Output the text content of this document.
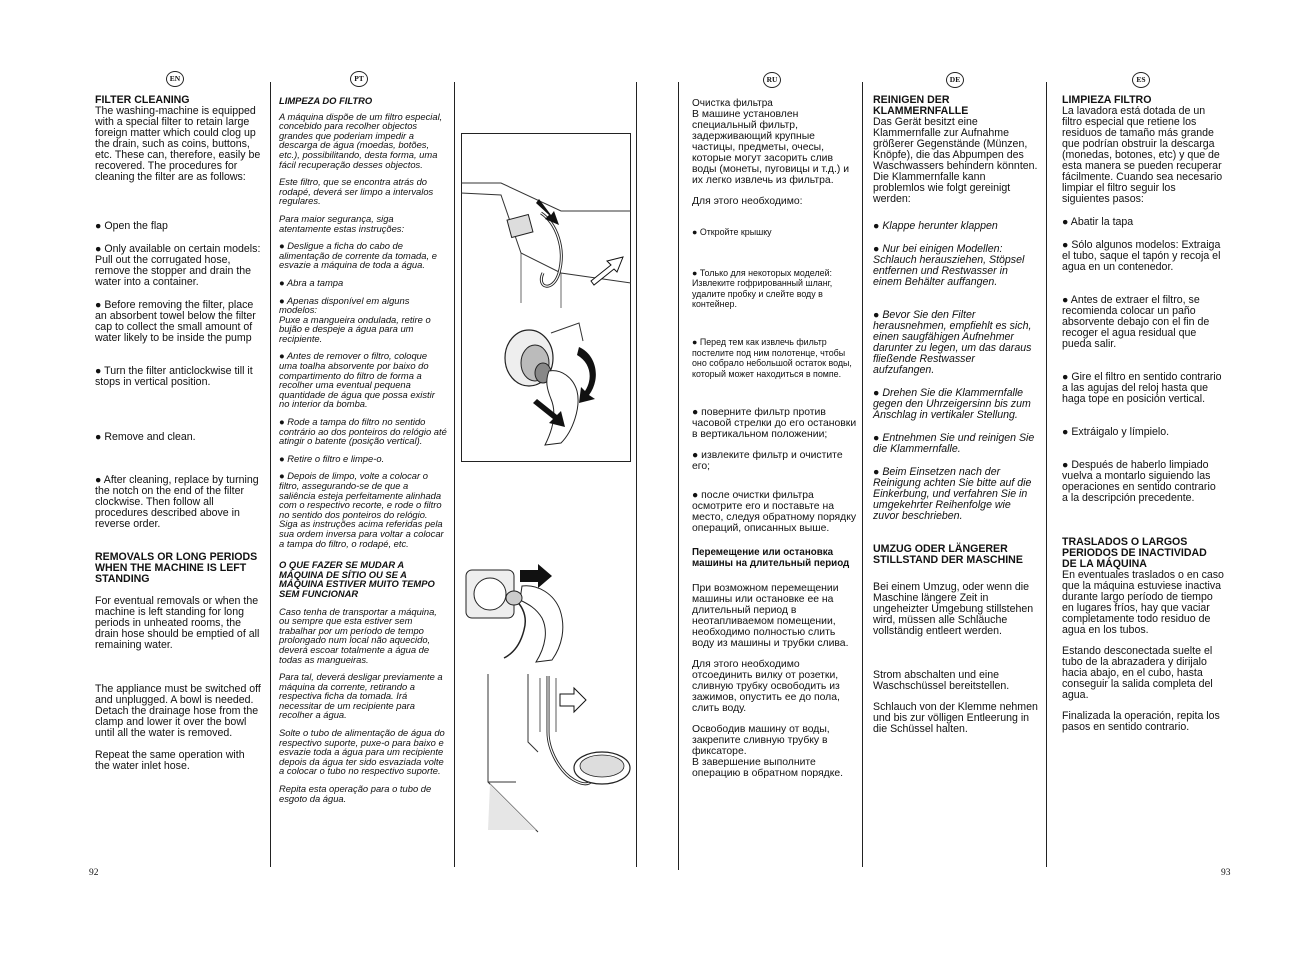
EN	PT	RU	DE	ES

FILTER CLEANING

The washing-machine is equipped with a special filter to retain large foreign matter which could clog up the drain, such as coins, buttons, etc. These can, therefore, easily be recovered. The procedures for cleaning the filter are as follows:

● Open the flap

● Only available on certain models:
Pull out the corrugated hose, remove the stopper and drain the water into a container.
● Before removing the filter, place an absorbent towel below the filter
cap to collect the small amount of water likely to be inside the pump

● Turn the filter anticlockwise till it stops in vertical position.

● Remove and clean.

● After cleaning, replace by turning the notch on the end of the filter clockwise. Then follow all procedures described above in reverse order.

REMOVALS OR LONG PERIODS WHEN THE MACHINE IS LEFT STANDING

For eventual removals or when the machine is left standing for long periods in unheated rooms, the drain hose should be emptied of all remaining water.

The appliance must be switched off and unplugged. A bowl is needed. Detach the drainage hose from the clamp and lower it over the bowl until all the water is removed.

Repeat the same operation with the water inlet hose.

LIMPEZA DO FILTRO

A máquina dispõe de um filtro especial, concebido para recolher objectos grandes que poderiam impedir a descarga de água (moedas, botões, etc.), possibilitando, desta forma, uma fácil recuperação desses objectos.

Este filtro, que se encontra atrás do rodapé, deverá ser limpo a intervalos regulares.

Para maior segurança, siga atentamente estas instruções:

● Desligue a ficha do cabo de alimentação de corrente da tomada, e esvazie a máquina de toda a água.

● Abra a tampa

● Apenas disponível em alguns modelos:
Puxe a mangueira ondulada, retire o bujão e despeje a água para um recipiente.

● Antes de remover o filtro, coloque uma toalha absorvente por baixo do compartimento do filtro de forma a recolher uma eventual pequena quantidade de água que possa existir no interior da bomba.

● Rode a tampa do filtro no sentido contrário ao dos ponteiros do relógio até atingir o batente (posição vertical).

● Retire o filtro e limpe-o.

● Depois de limpo, volte a colocar o filtro, assegurando-se de que a saliência esteja perfeitamente alinhada com o respectivo recorte, e rode o filtro no sentido dos ponteiros do relógio. Siga as instruções acima referidas pela sua ordem inversa para voltar a colocar a tampa do filtro, o rodapé, etc.

O QUE FAZER SE MUDAR A MÁQUINA DE SÍTIO OU SE A MÁQUINA ESTIVER MUITO TEMPO SEM FUNCIONAR

Caso tenha de transportar a máquina, ou sempre que esta estiver sem trabalhar por um período de tempo prolongado num local não aquecido, deverá escoar totalmente a água de todas as mangueiras.

Para tal, deverá desligar previamente a máquina da corrente, retirando a respectiva ficha da tomada. Irá necessitar de um recipiente para recolher a água.

Solte o tubo de alimentação de água do respectivo suporte, puxe-o para baixo e esvazie toda a água para um recipiente depois da água ter sido esvaziada volte a colocar o tubo no respectivo suporte.

Repita esta operação para o tubo de esgoto da água.

Очистка фильтра

В машине установлен специальный фильтр, задерживающий крупные частицы, предметы, очесы, которые могут засорить слив воды (монеты, пуговицы и т.д.) и их легко извлечь из фильтра.

Для этого необходимо:

● Откройте крышку

● Только для некоторых моделей: Извлеките гофрированный шланг, удалите пробку и слейте воду в контейнер.

● Перед тем как извлечь фильтр постелите под ним полотенце, чтобы оно собрало небольшой остаток воды, который может находиться в помпе.

● поверните фильтр против часовой стрелки до его остановки в вертикальном положении;

● извлеките фильтр и очистите его;

● после очистки фильтра осмотрите его и поставьте на место, следуя обратному порядку операций, описанных выше.

Перемещение или остановка машины на длительный период

При возможном перемещении машины или остановке ее на длительный период в неотапливаемом помещении, необходимо полностью слить воду из машины и трубки слива.

Для этого необходимо отсоединить вилку от розетки, сливную трубку освободить из зажимов, опустить ее до пола, слить воду.

Освободив машину от воды, закрепите сливную трубку в фиксаторе.

В завершение выполните операцию в обратном порядке.

REINIGEN DER KLAMMERNFALLE

Das Gerät besitzt eine Klammernfalle zur Aufnahme größerer Gegenstände (Münzen, Knöpfe), die das Abpumpen des Waschwassers behindern könnten. Die Klammernfalle kann problemlos wie folgt gereinigt werden:

● Klappe herunter klappen

● Nur bei einigen Modellen: Schlauch herausziehen, Stöpsel entfernen und Restwasser in einem Behälter auffangen.

● Bevor Sie den Filter herausnehmen, empfiehlt es sich, einen saugfähigen Aufnehmer darunter zu legen, um das daraus fließende Restwasser aufzufangen.

● Drehen Sie die Klammernfalle gegen den Uhrzeigersinn bis zum Anschlag in vertikaler Stellung.

● Entnehmen Sie und reinigen Sie die Klammernfalle.

● Beim Einsetzen nach der Reinigung achten Sie bitte auf die Einkerbung, und verfahren Sie in umgekehrter Reihenfolge wie zuvor beschrieben.

UMZUG ODER LÄNGERER STILLSTAND DER MASCHINE

Bei einem Umzug, oder wenn die Maschine längere Zeit in ungeheizter Umgebung stillstehen wird, müssen alle Schläuche vollständig entleert werden.

Strom abschalten und eine Waschschüssel bereitstellen.

Schlauch von der Klemme nehmen und bis zur völligen Entleerung in die Schüssel halten.

LIMPIEZA FILTRO

La lavadora está dotada de un filtro especial que retiene los residuos de tamaño más grande que podrían obstruir la descarga (monedas, botones, etc) y que de esta manera se pueden recuperar fácilmente. Cuando sea necesario limpiar el filtro seguir los siguientes pasos:

● Abatir la tapa

● Sólo algunos modelos: Extraiga el tubo, saque el tapón y recoja el agua en un contenedor.

● Antes de extraer el filtro, se recomienda colocar un paño absorvente debajo con el fin de recoger el agua residual que pueda salir.

● Gire el filtro en sentido contrario a las agujas del reloj hasta que haga tope en posición vertical.

● Extráigalo y límpielo.

● Después de haberlo limpiado vuelva a montarlo siguiendo las operaciones en sentido contrario a la descripción precedente.

TRASLADOS O LARGOS PERIODOS DE INACTIVIDAD DE LA MÁQUINA

En eventuales traslados o en caso que la máquina estuviese inactiva durante largo período de tiempo en lugares fríos, hay que vaciar completamente todo residuo de agua en los tubos.

Estando desconectada suelte el tubo de la abrazadera y dirijalo hacia abajo, en el cubo, hasta conseguir la salida completa del agua.

Finalizada la operación, repita los pasos en sentido contrario.

92	93
